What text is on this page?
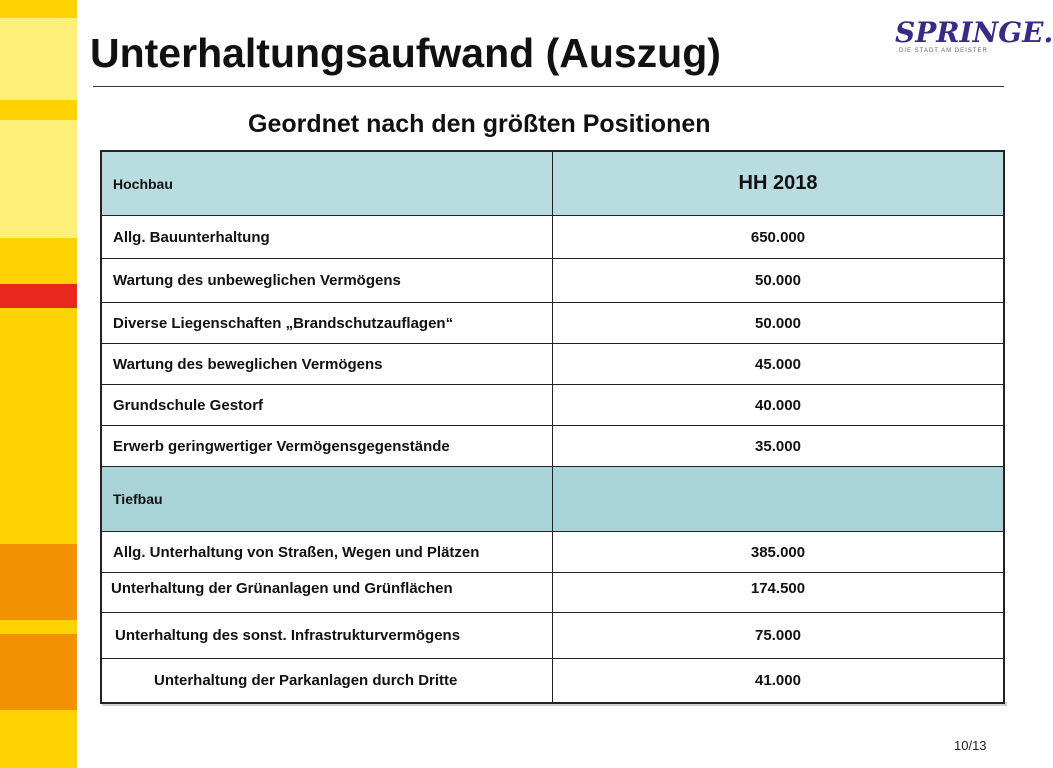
Unterhaltungsaufwand (Auszug)	SPRINGE.
DIE STADT AM DEISTER
Geordnet nach den größten Positionen
Hochbau	HH 2018
Allg. Bauunterhaltung	650.000
Wartung des unbeweglichen Vermögens	50.000
Diverse Liegenschaften „Brandschutzauflagen“	50.000
Wartung des beweglichen Vermögens	45.000
Grundschule Gestorf	40.000
Erwerb geringwertiger Vermögensgegenstände	35.000
Tiefbau
Allg. Unterhaltung von Straßen, Wegen und Plätzen	385.000
Unterhaltung der Grünanlagen und Grünflächen	174.500
Unterhaltung des sonst. Infrastrukturvermögens	75.000
Unterhaltung der Parkanlagen durch Dritte	41.000
10/13
